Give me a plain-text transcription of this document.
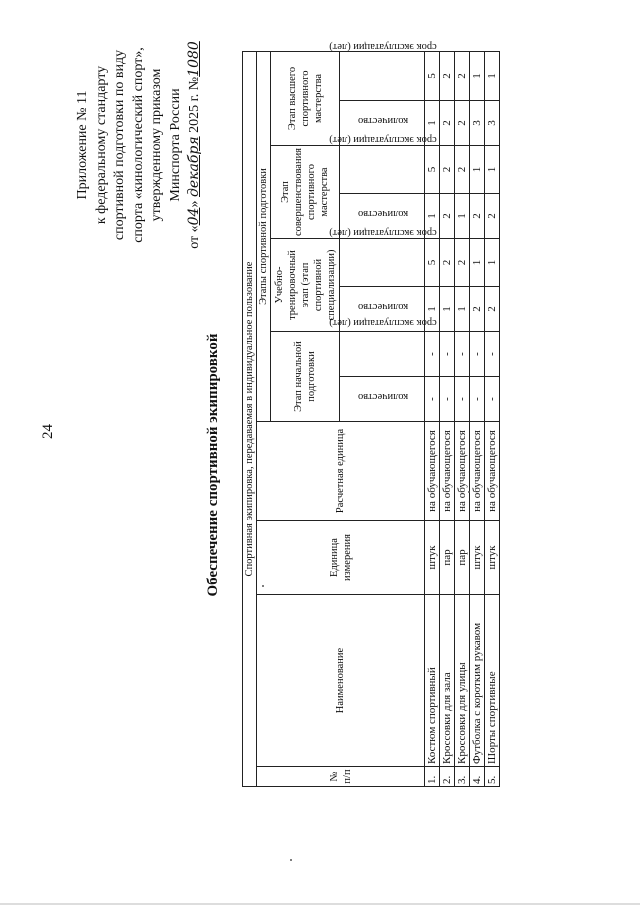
24
Приложение № 11 к федеральному стандарту спортивной подготовки по виду спорта «кинологический спорт», утвержденному приказом Минспорта России
от «04» декабря 2025 г. №1080
Обеспечение спортивной экипировкой Спортивная экипировка, передаваемая в индивидуальное пользование											
№ п/п	Наименование	Единица измерения	Расчетная единица	Этапы спортивной подготовки							
				Этап начальной подготовки		Учебно-тренировочный этап (этап спортивной специализации)		Этап совершенствования спортивного мастерства		Этап высшего спортивного мастерства	
				количество	срок эксплуатации (лет)	количество	срок эксплуатации (лет)	количество	срок эксплуатации (лет)	количество	срок эксплуатации (лет)
1.	Костюм спортивный	штук	на обучающегося	-	-	1	5	1	5	1	5
2.	Кроссовки для зала	пар	на обучающегося	-	-	1	2	2	2	2	2
3.	Кроссовки для улицы	пар	на обучающегося	-	-	1	2	1	2	2	2
4.	Футболка с коротким рукавом	штук	на обучающегося	-	-	2	1	2	1	3	1
5.	Шорты спортивные	штук	на обучающегося	-	-	2	1	2	1	3	1
